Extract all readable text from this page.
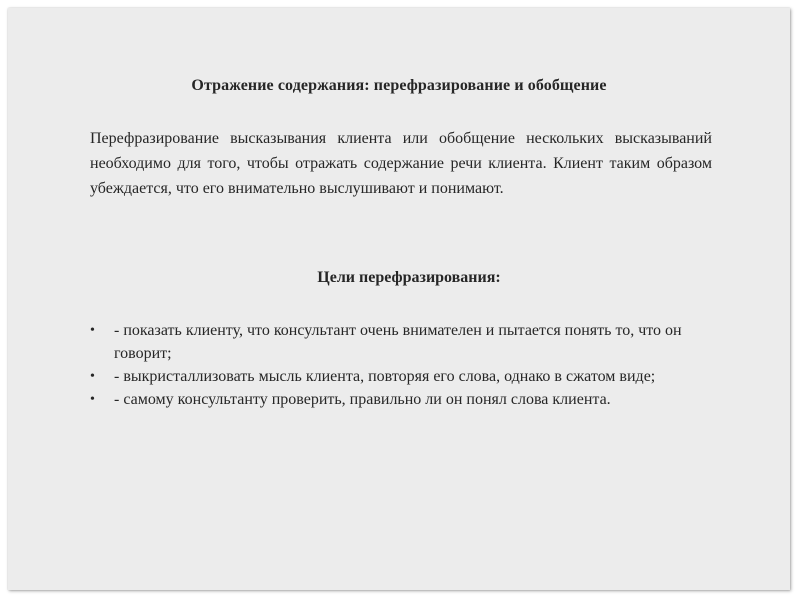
Отражение содержания: перефразирование и обобщение
Перефразирование высказывания клиента или обобщение нескольких высказываний необходимо для того, чтобы отражать содержание речи клиента. Клиент таким образом убеждается, что его внимательно выслушивают и понимают.
Цели перефразирования:
• - показать клиенту, что консультант очень внимателен и пытается понять то, что он говорит;
• - выкристаллизовать мысль клиента, повторяя его слова, однако в сжатом виде;
• - самому консультанту проверить, правильно ли он понял слова клиента.
